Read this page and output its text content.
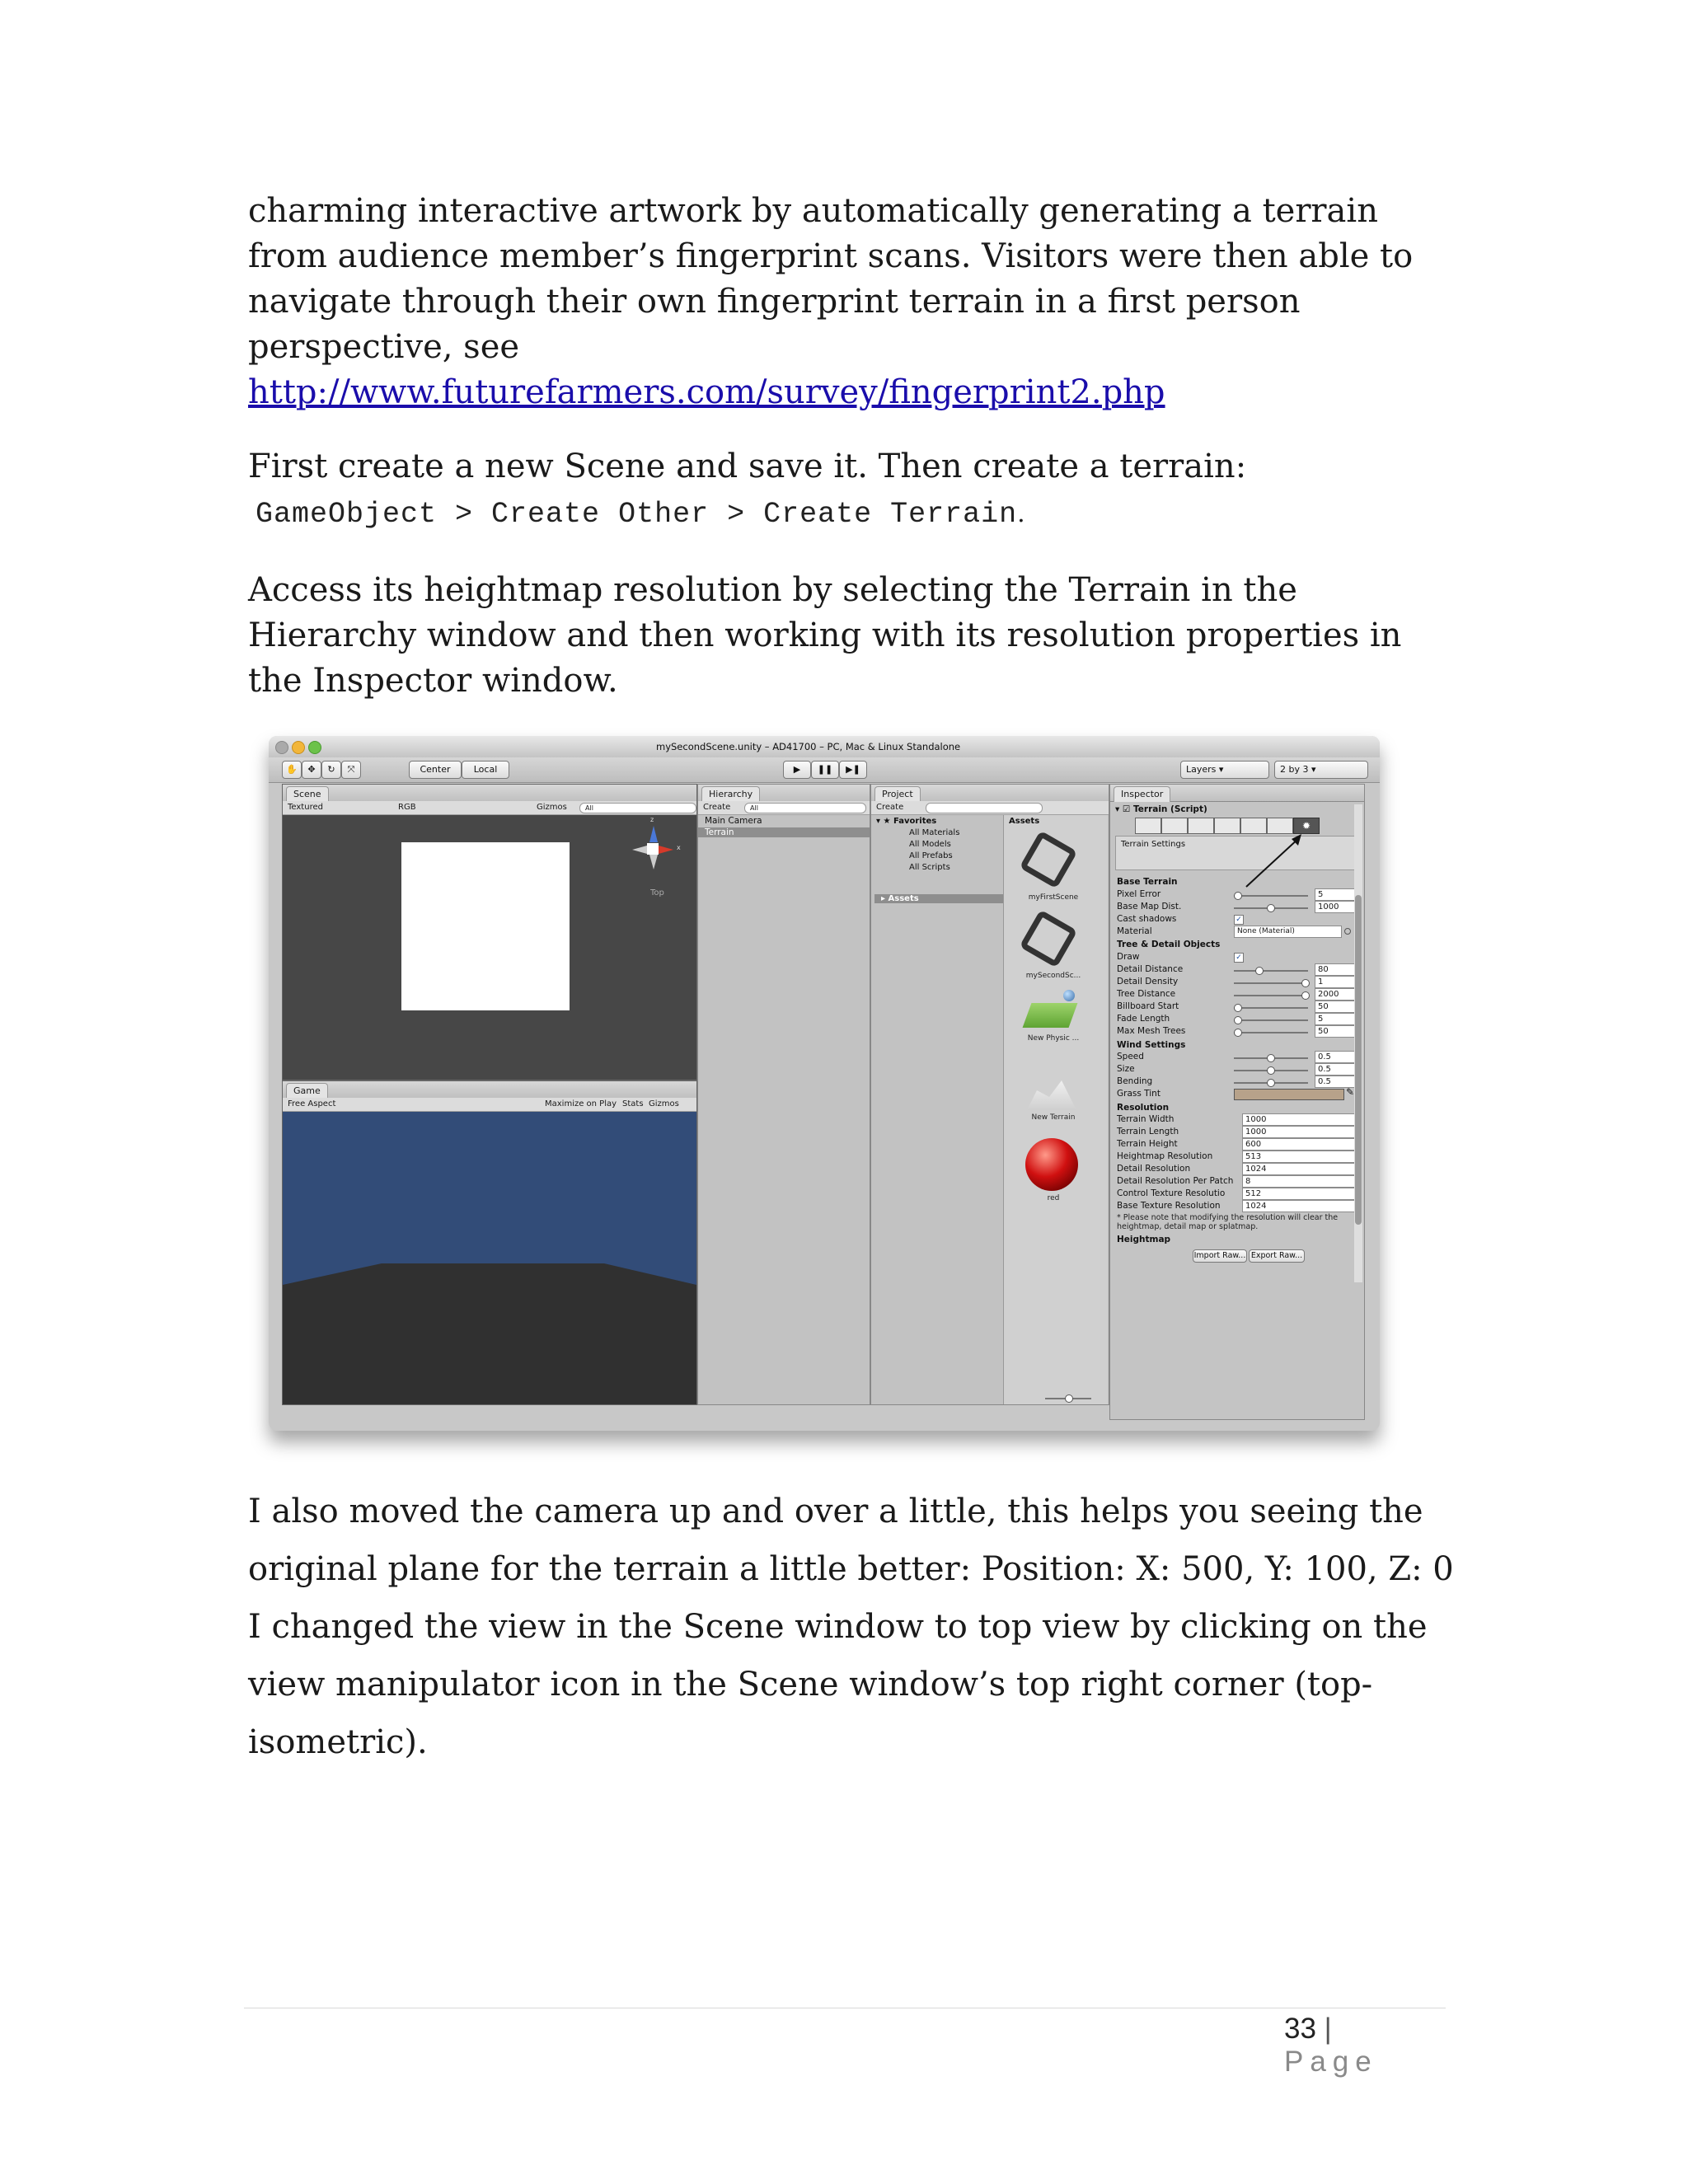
charming interactive artwork by automatically generating a terrain from audience member’s fingerprint scans. Visitors were then able to navigate through their own fingerprint terrain in a first person perspective, see
http://www.futurefarmers.com/survey/fingerprint2.php

First create a new Scene and save it. Then create a terrain:

GameObject > Create Other > Create Terrain.

Access its heightmap resolution by selecting the Terrain in the Hierarchy window and then working with its resolution properties in the Inspector window.

mySecondScene.unity – AD41700 – PC, Mac & Linux Standalone
✋	✥	↻	⤧	Center	Local	▶	❚❚	▶❚	Layers ▾	2 by 3 ▾
Scene
Textured	RGB	Gizmos	All
z
x
Top
Game
Free Aspect	Maximize on Play Stats Gizmos
Hierarchy
Create	All
Main Camera
Terrain
Project
Create
▾ ★ Favorites
All Materials
All Models
All Prefabs
All Scripts
▸ Assets
Assets
myFirstScene
mySecondSc...
New Physic ...
New Terrain
red
Inspector
▾ ☑ Terrain (Script)
✹
Terrain Settings
Base Terrain
Pixel Error	5
Base Map Dist.	1000
Cast shadows	✓
Material	None (Material)
Tree & Detail Objects
Draw	✓
Detail Distance	80
Detail Density	1
Tree Distance	2000
Billboard Start	50
Fade Length	5
Max Mesh Trees	50
Wind Settings
Speed	0.5
Size	0.5
Bending	0.5
Grass Tint	✎
Resolution
Terrain Width	1000
Terrain Length	1000
Terrain Height	600
Heightmap Resolution	513
Detail Resolution	1024
Detail Resolution Per Patch	8
Control Texture Resolutio	512
Base Texture Resolution	1024
* Please note that modifying the resolution will clear the heightmap, detail map or splatmap.
Heightmap
Import Raw... Export Raw...

I also moved the camera up and over a little, this helps you seeing the original plane for the terrain a little better: Position: X: 500, Y: 100, Z: 0

I changed the view in the Scene window to top view by clicking on the view manipulator icon in the Scene window’s top right corner (top-isometric).

33 | Page
